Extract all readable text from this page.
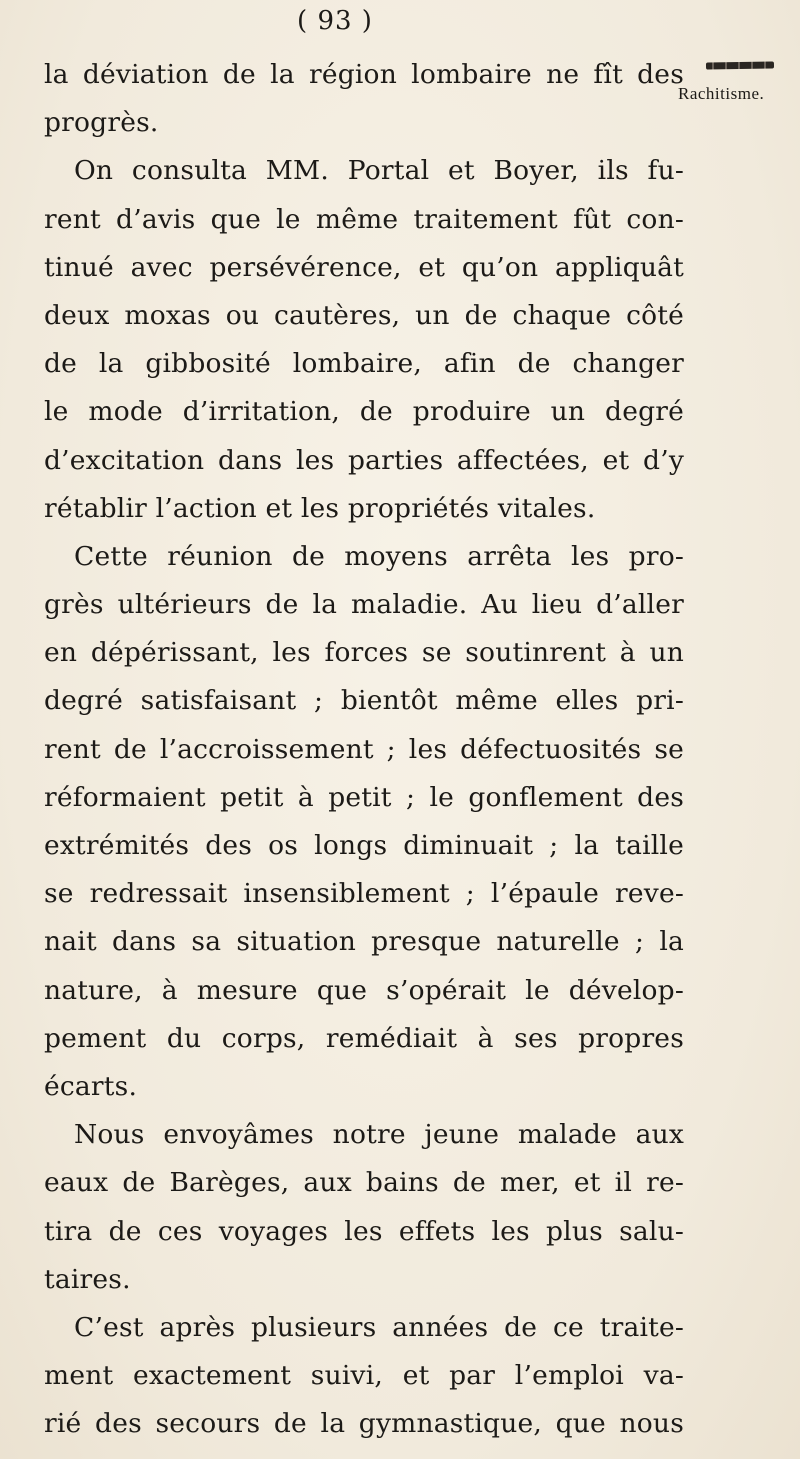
( 93 )
Rachitisme.
la déviation de la région lombaire ne fît des
progrès.
On consulta MM. Portal et Boyer, ils fu-
rent d’avis que le même traitement fût con-
tinué avec persévérence, et qu’on appliquât
deux moxas ou cautères, un de chaque côté
de la gibbosité lombaire, afin de changer
le mode d’irritation, de produire un degré
d’excitation dans les parties affectées, et d’y
rétablir l’action et les propriétés vitales.
Cette réunion de moyens arrêta les pro-
grès ultérieurs de la maladie. Au lieu d’aller
en dépérissant, les forces se soutinrent à un
degré satisfaisant ; bientôt même elles pri-
rent de l’accroissement ; les défectuosités se
réformaient petit à petit ; le gonflement des
extrémités des os longs diminuait ; la taille
se redressait insensiblement ; l’épaule reve-
nait dans sa situation presque naturelle ; la
nature, à mesure que s’opérait le dévelop-
pement du corps, remédiait à ses propres
écarts.
Nous envoyâmes notre jeune malade aux
eaux de Barèges, aux bains de mer, et il re-
tira de ces voyages les effets les plus salu-
taires.
C’est après plusieurs années de ce traite-
ment exactement suivi, et par l’emploi va-
rié des secours de la gymnastique, que nous
